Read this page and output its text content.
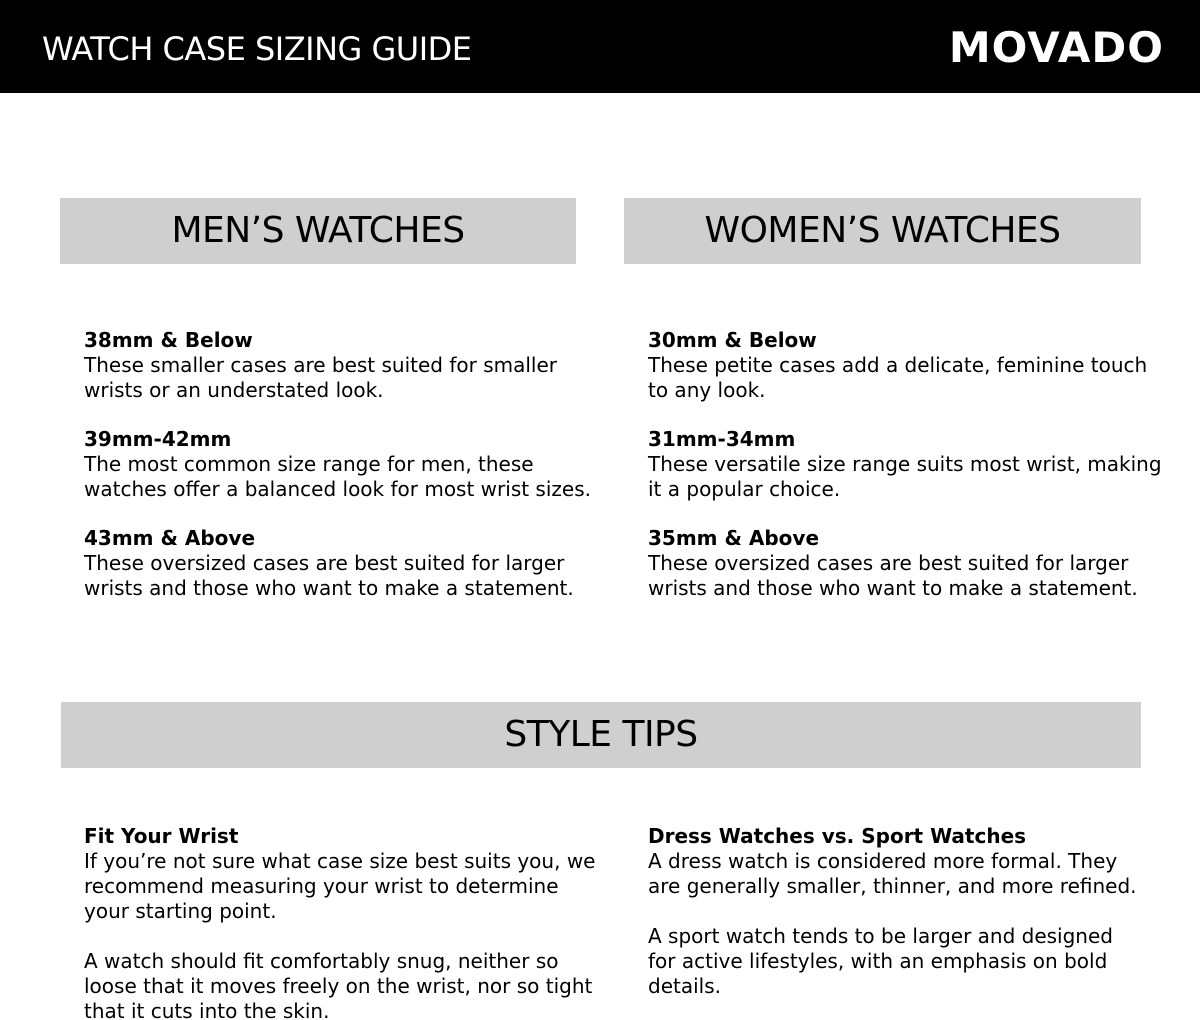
WATCH CASE SIZING GUIDE	MOVADO
MEN’S WATCHES	WOMEN’S WATCHES
38mm & Below
These smaller cases are best suited for smaller
wrists or an understated look.
39mm-42mm
The most common size range for men, these
watches offer a balanced look for most wrist sizes.
43mm & Above
These oversized cases are best suited for larger
wrists and those who want to make a statement.
30mm & Below
These petite cases add a delicate, feminine touch
to any look.
31mm-34mm
These versatile size range suits most wrist, making
it a popular choice.
35mm & Above
These oversized cases are best suited for larger
wrists and those who want to make a statement.
STYLE TIPS
Fit Your Wrist
If you’re not sure what case size best suits you, we
recommend measuring your wrist to determine
your starting point.
A watch should fit comfortably snug, neither so
loose that it moves freely on the wrist, nor so tight
that it cuts into the skin.
Dress Watches vs. Sport Watches
A dress watch is considered more formal. They
are generally smaller, thinner, and more refined.
A sport watch tends to be larger and designed
for active lifestyles, with an emphasis on bold
details.
